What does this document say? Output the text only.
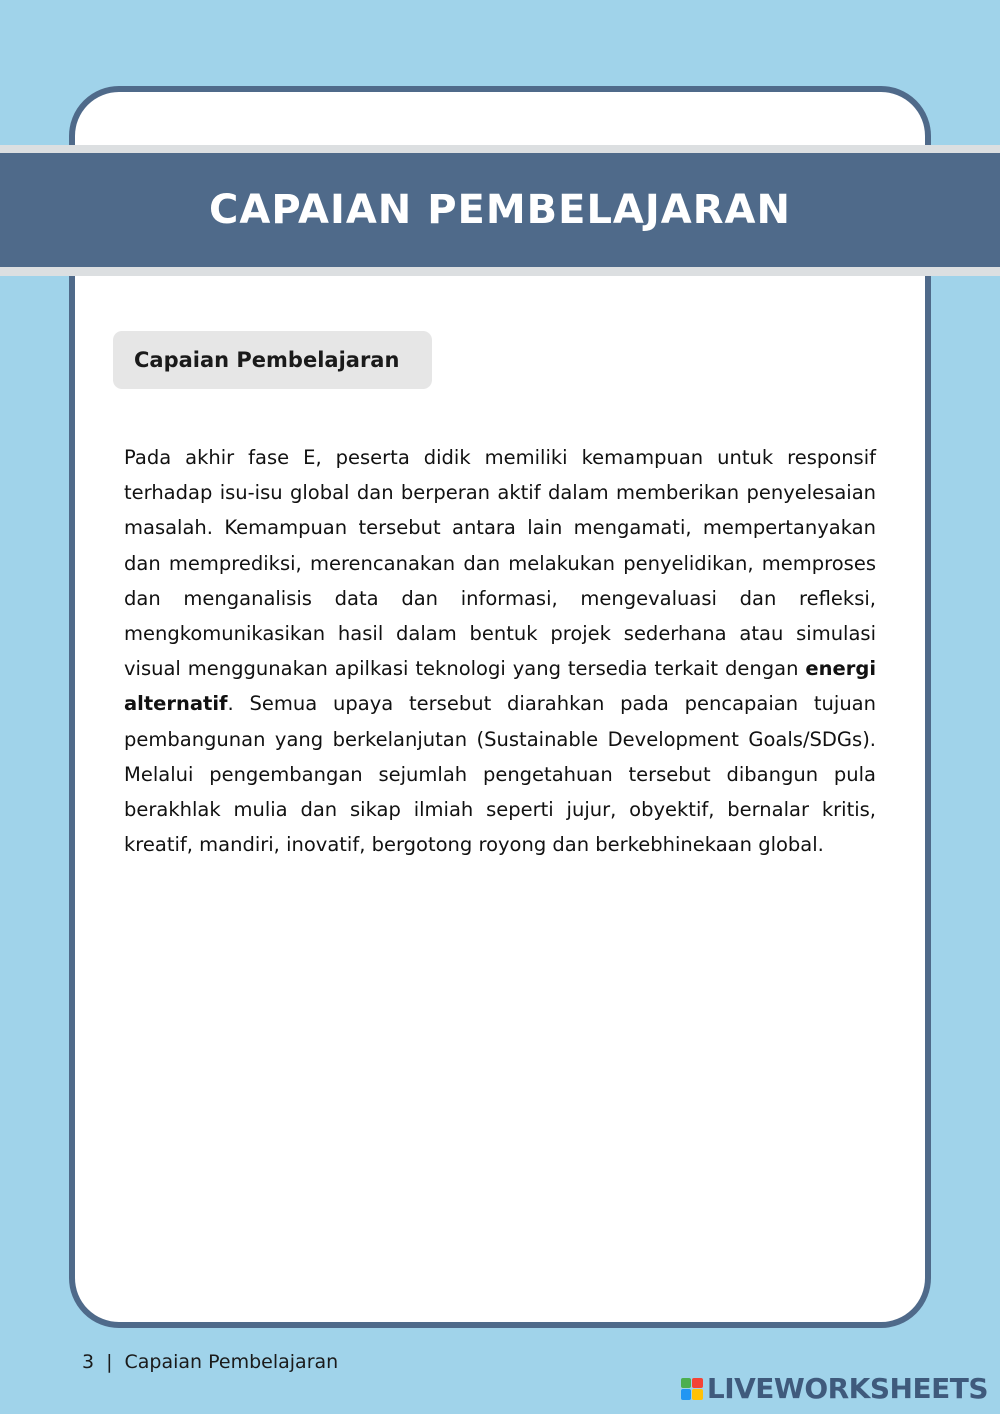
CAPAIAN PEMBELAJARAN
Capaian Pembelajaran

Pada akhir fase E, peserta didik memiliki kemampuan untuk responsif terhadap isu-isu global dan berperan aktif dalam memberikan penyelesaian masalah. Kemampuan tersebut antara lain mengamati, mempertanyakan dan memprediksi, merencanakan dan melakukan penyelidikan, memproses dan menganalisis data dan informasi, mengevaluasi dan refleksi, mengkomunikasikan hasil dalam bentuk projek sederhana atau simulasi visual menggunakan apilkasi teknologi yang tersedia terkait dengan energi alternatif. Semua upaya tersebut diarahkan pada pencapaian tujuan pembangunan yang berkelanjutan (Sustainable Development Goals/SDGs). Melalui pengembangan sejumlah pengetahuan tersebut dibangun pula berakhlak mulia dan sikap ilmiah seperti jujur, obyektif, bernalar kritis, kreatif, mandiri, inovatif, bergotong royong dan berkebhinekaan global.

3 | Capaian Pembelajaran
LIVEWORKSHEETS
